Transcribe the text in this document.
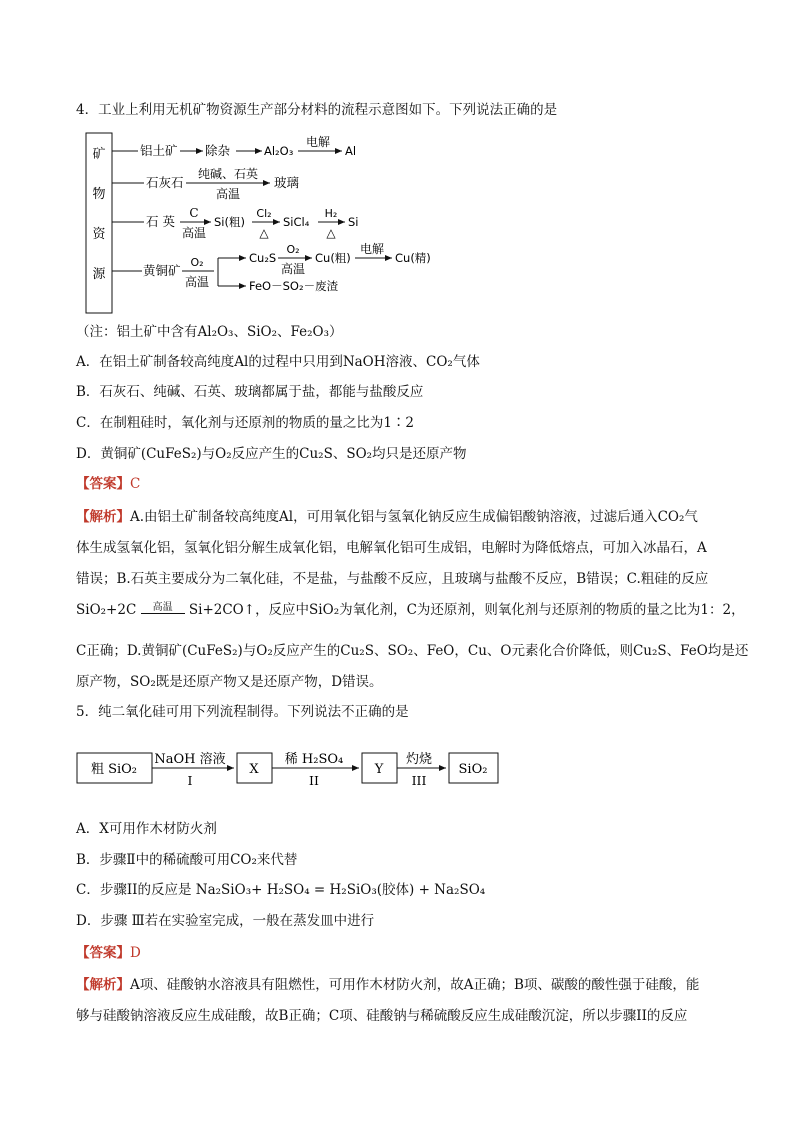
4．工业上利用无机矿物资源生产部分材料的流程示意图如下。下列说法正确的是
矿
物
资
源
铝土矿 除杂	Al₂O₃
电解
Al
石灰石
纯碱、石英
高温
玻璃
石 英
C
高温
Si(粗)
Cl₂
△
SiCl₄
H₂
△
Si
黄铜矿
O₂
高温
Cu₂S
O₂
高温
Cu(粗)
电解
Cu(精)
FeO－SO₂－废渣
（注：铝土矿中含有Al₂O₃、SiO₂、Fe₂O₃）
A．在铝土矿制备较高纯度Al的过程中只用到NaOH溶液、CO₂气体
B．石灰石、纯碱、石英、玻璃都属于盐，都能与盐酸反应
C．在制粗硅时，氧化剂与还原剂的物质的量之比为1∶2
D．黄铜矿(CuFeS₂)与O₂反应产生的Cu₂S、SO₂均只是还原产物
【答案】C
【解析】A.由铝土矿制备较高纯度Al，可用氧化铝与氢氧化钠反应生成偏铝酸钠溶液，过滤后通入CO₂气
体生成氢氧化铝，氢氧化铝分解生成氧化铝，电解氧化铝可生成铝，电解时为降低熔点，可加入冰晶石，A
错误；B.石英主要成分为二氧化硅，不是盐，与盐酸不反应，且玻璃与盐酸不反应，B错误；C.粗硅的反应
SiO₂+2C 高温 Si+2CO↑，反应中SiO₂为氧化剂，C为还原剂，则氧化剂与还原剂的物质的量之比为1：2，
C正确；D.黄铜矿(CuFeS₂)与O₂反应产生的Cu₂S、SO₂、FeO，Cu、O元素化合价降低，则Cu₂S、FeO均是还
原产物，SO₂既是还原产物又是还原产物，D错误。
5．纯二氧化硅可用下列流程制得。下列说法不正确的是
粗 SiO₂
NaOH 溶液
I
X
稀 H₂SO₄
II
Y
灼烧
III
SiO₂
A．X可用作木材防火剂
B．步骤Ⅱ中的稀硫酸可用CO₂来代替
C．步骤II的反应是 Na₂SiO₃+ H₂SO₄ = H₂SiO₃(胶体) + Na₂SO₄
D．步骤 Ⅲ若在实验室完成，一般在蒸发皿中进行
【答案】D
【解析】A项、硅酸钠水溶液具有阻燃性，可用作木材防火剂，故A正确；B项、碳酸的酸性强于硅酸，能
够与硅酸钠溶液反应生成硅酸，故B正确；C项、硅酸钠与稀硫酸反应生成硅酸沉淀，所以步骤II的反应
